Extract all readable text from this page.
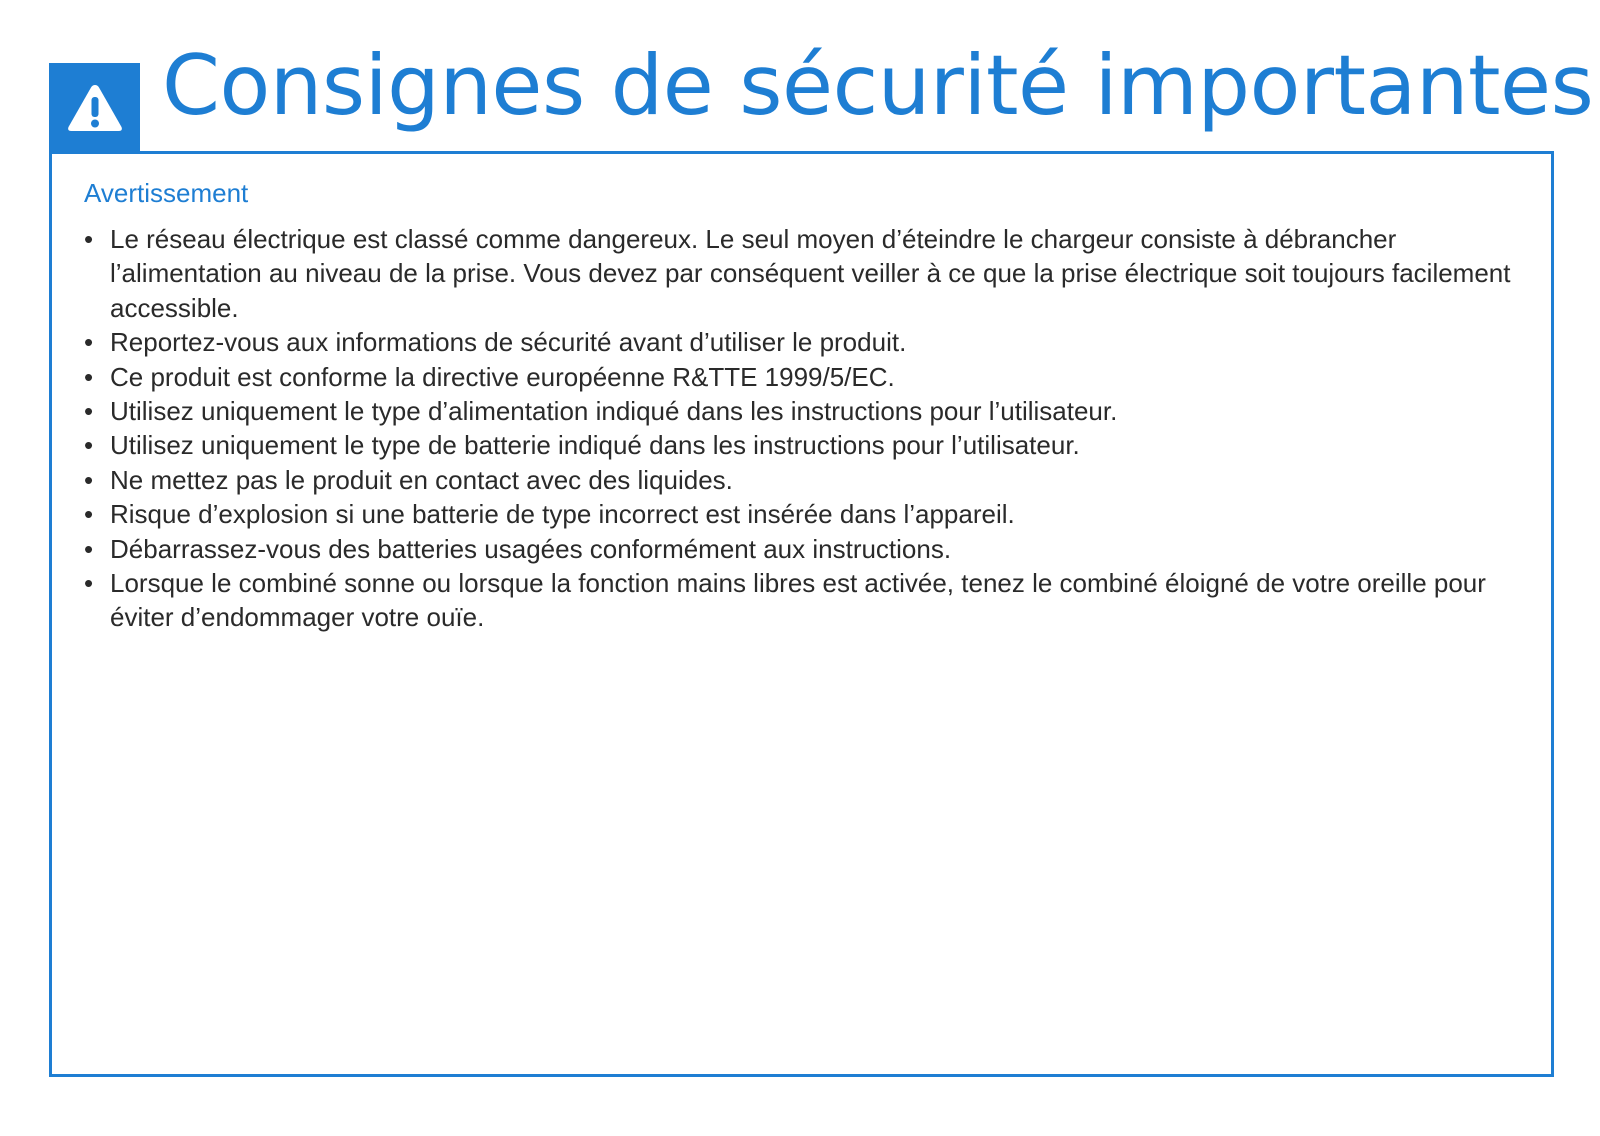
Consignes de sécurité importantes
Avertissement
• Le réseau électrique est classé comme dangereux. Le seul moyen d’éteindre le chargeur consiste à débrancher l’alimentation au niveau de la prise. Vous devez par conséquent veiller à ce que la prise électrique soit toujours facilement accessible.
• Reportez-vous aux informations de sécurité avant d’utiliser le produit.
• Ce produit est conforme la directive européenne R&TTE 1999/5/EC.
• Utilisez uniquement le type d’alimentation indiqué dans les instructions pour l’utilisateur.
• Utilisez uniquement le type de batterie indiqué dans les instructions pour l’utilisateur.
• Ne mettez pas le produit en contact avec des liquides.
• Risque d’explosion si une batterie de type incorrect est insérée dans l’appareil.
• Débarrassez-vous des batteries usagées conformément aux instructions.
• Lorsque le combiné sonne ou lorsque la fonction mains libres est activée, tenez le combiné éloigné de votre oreille pour éviter d’endommager votre ouïe.
